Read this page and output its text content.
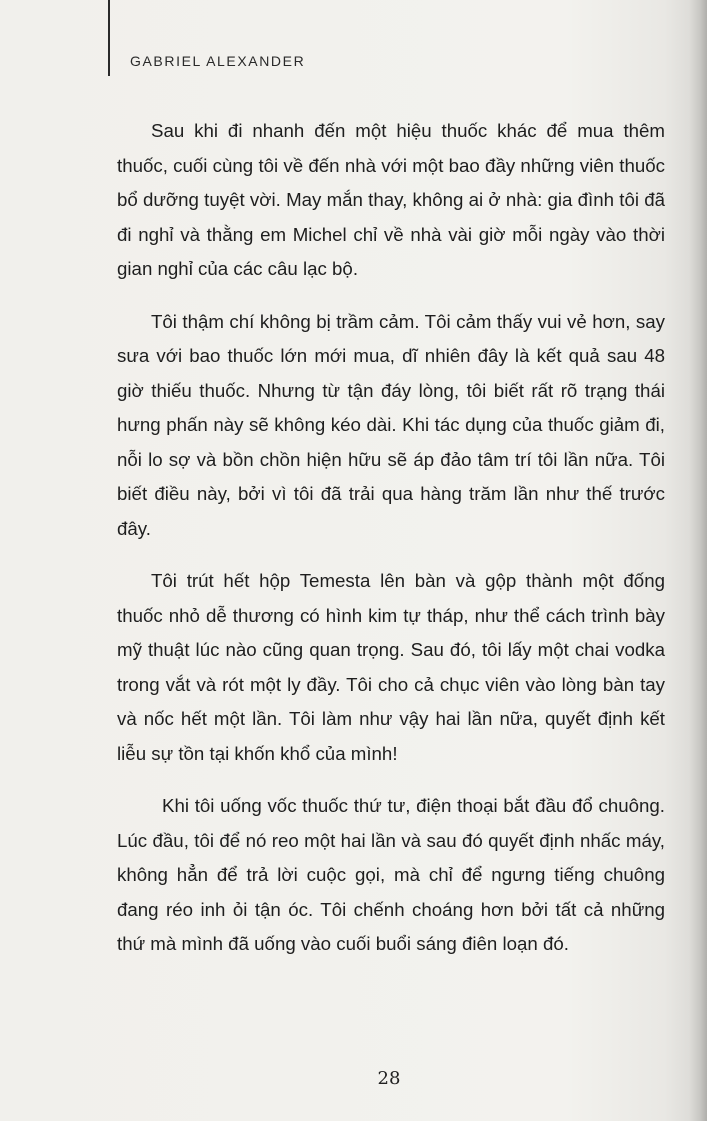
GABRIEL ALEXANDER

Sau khi đi nhanh đến một hiệu thuốc khác để mua thêm thuốc, cuối cùng tôi về đến nhà với một bao đầy những viên thuốc bổ dưỡng tuyệt vời. May mắn thay, không ai ở nhà: gia đình tôi đã đi nghỉ và thằng em Michel chỉ về nhà vài giờ mỗi ngày vào thời gian nghỉ của các câu lạc bộ.

Tôi thậm chí không bị trầm cảm. Tôi cảm thấy vui vẻ hơn, say sưa với bao thuốc lớn mới mua, dĩ nhiên đây là kết quả sau 48 giờ thiếu thuốc. Nhưng từ tận đáy lòng, tôi biết rất rõ trạng thái hưng phấn này sẽ không kéo dài. Khi tác dụng của thuốc giảm đi, nỗi lo sợ và bồn chồn hiện hữu sẽ áp đảo tâm trí tôi lần nữa. Tôi biết điều này, bởi vì tôi đã trải qua hàng trăm lần như thế trước đây.

Tôi trút hết hộp Temesta lên bàn và gộp thành một đống thuốc nhỏ dễ thương có hình kim tự tháp, như thể cách trình bày mỹ thuật lúc nào cũng quan trọng. Sau đó, tôi lấy một chai vodka trong vắt và rót một ly đầy. Tôi cho cả chục viên vào lòng bàn tay và nốc hết một lần. Tôi làm như vậy hai lần nữa, quyết định kết liễu sự tồn tại khốn khổ của mình!

Khi tôi uống vốc thuốc thứ tư, điện thoại bắt đầu đổ chuông. Lúc đầu, tôi để nó reo một hai lần và sau đó quyết định nhấc máy, không hẳn để trả lời cuộc gọi, mà chỉ để ngưng tiếng chuông đang réo inh ỏi tận óc. Tôi chếnh choáng hơn bởi tất cả những thứ mà mình đã uống vào cuối buổi sáng điên loạn đó.

28
